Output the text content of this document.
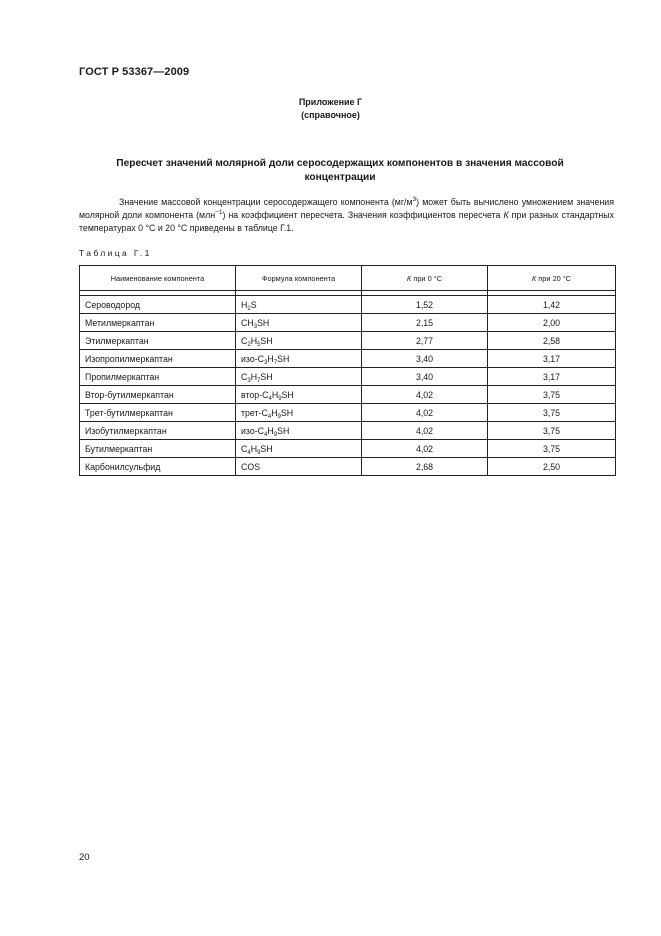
ГОСТ Р 53367—2009
Приложение Г
(справочное)
Пересчет значений молярной доли серосодержащих компонентов в значения массовой
концентрации

Значение массовой концентрации серосодержащего компонента $(мг/м^3)$ может быть вычислено умножением значения молярной доли компонента (млн$^{-1}$) на коэффициент пересчета. Значения коэффициентов пересчета К при разных стандартных температурах 0 °С и 20 °С приведены в таблице Г.1.

Таблица Г.1
Наименование компонента	Формула компонента	К при 0 °С	К при 20 °С

Сероводород	$H_2S$	1,52	1,42
Метилмеркаптан	$CH_3SH$	2,15	2,00
Этилмеркаптан	$C_2H_5SH$	2,77	2,58
Изопропилмеркаптан	изо-$C_3H_7SH$	3,40	3,17
Пропилмеркаптан	$C_3H_7SH$	3,40	3,17
Втор-бутилмеркаптан	втор-$C_4H_9SH$	4,02	3,75
Трет-бутилмеркаптан	трет-$C_4H_9SH$	4,02	3,75
Изобутилмеркаптан	изо-$C_4H_9SH$	4,02	3,75
Бутилмеркаптан	$C_4H_9SH$	4,02	3,75
Карбонилсульфид	COS	2,68	2,50
20
